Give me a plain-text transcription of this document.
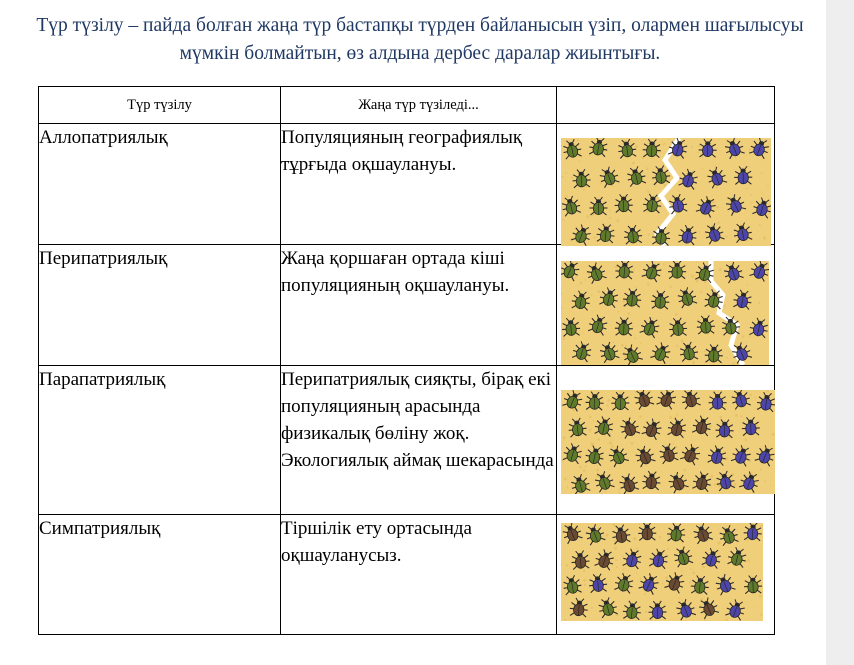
Түр түзілу – пайда болған жаңа түр бастапқы түрден байланысын үзіп, олармен шағылысуы мүмкін болмайтын, өз алдына дербес даралар жиынтығы.
Түр түзілу	Жаңа түр түзіледі...	
Аллопатриялық	Популяцияның географиялық тұрғыда оқшаулануы.	

Перипатриялық	Жаңа қоршаған ортада кіші популяцияның оқшаулануы.	

Парапатриялық	Перипатриялық сияқты, бірақ екі популяцияның арасында физикалық бөліну жоқ. Экологиялық аймақ шекарасында	

Симпатриялық	Тіршілік ету ортасында оқшауланусыз.	
